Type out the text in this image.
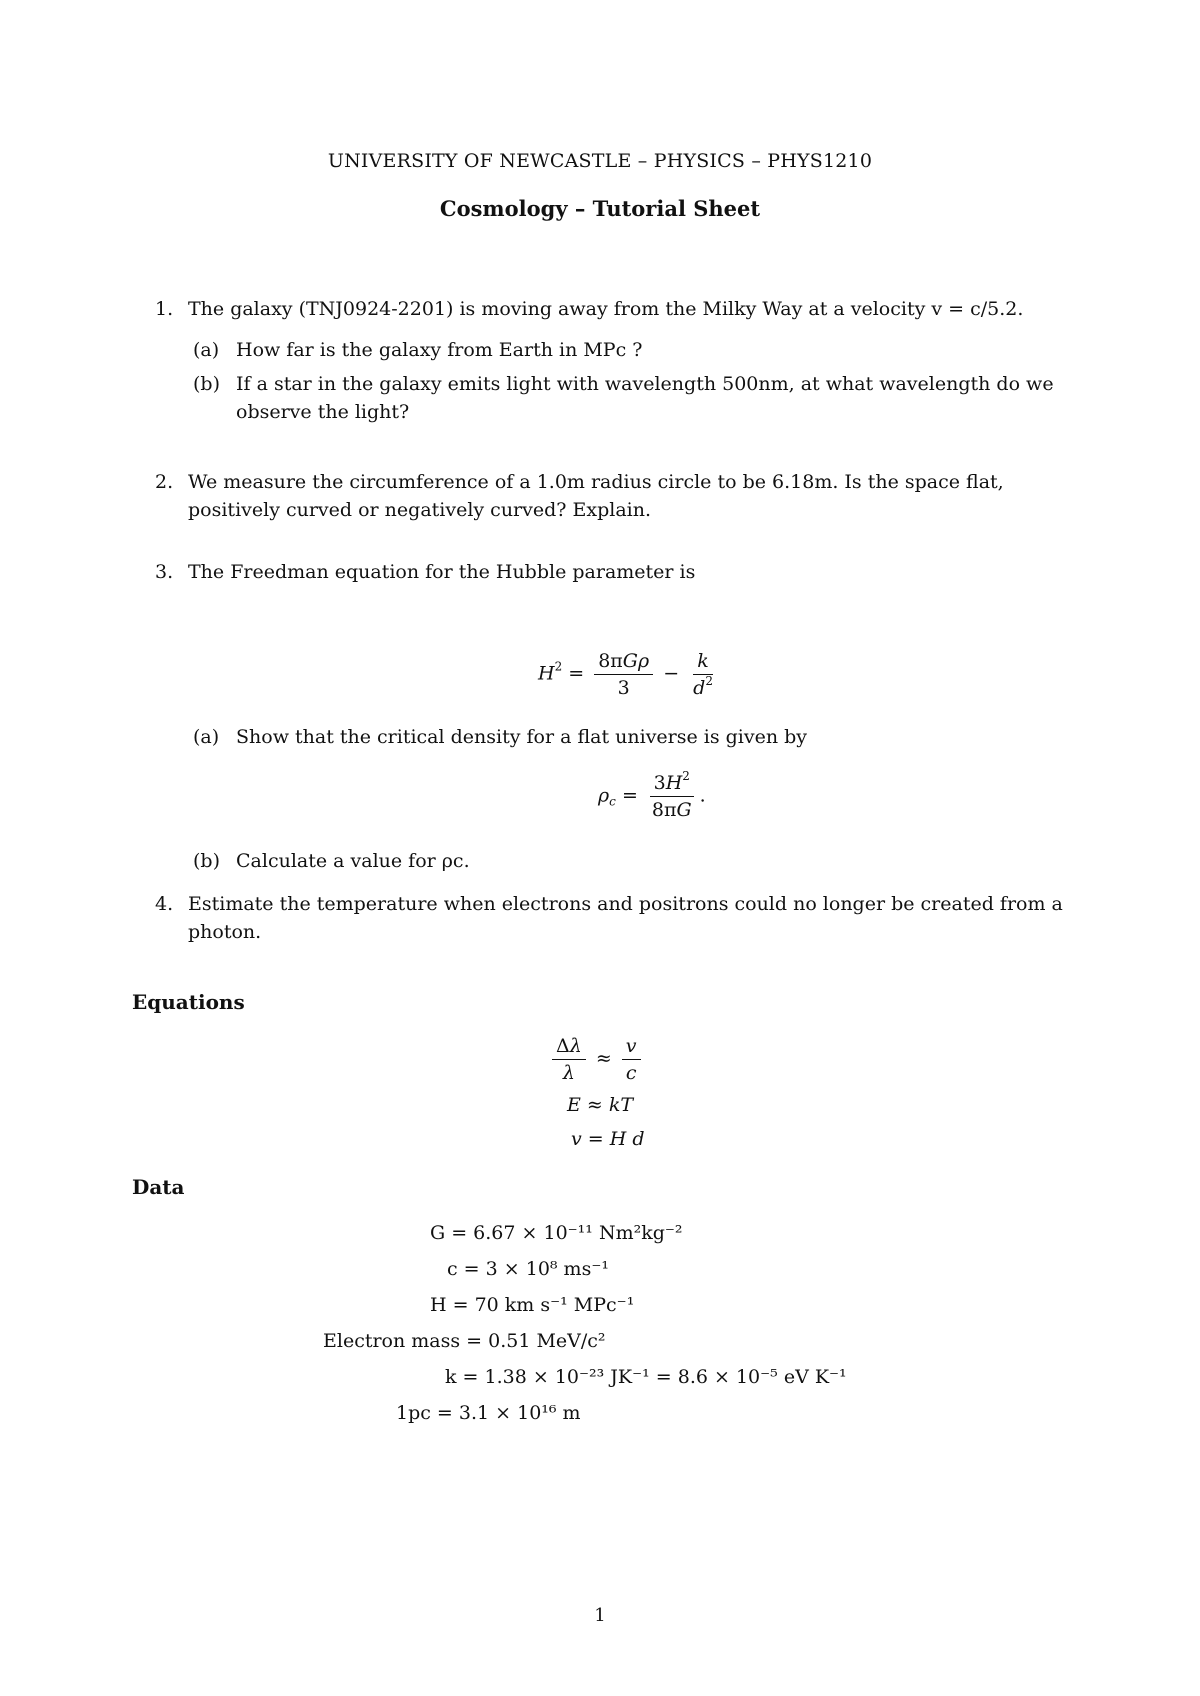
UNIVERSITY OF NEWCASTLE – PHYSICS – PHYS1210
Cosmology – Tutorial Sheet
1. The galaxy (TNJ0924-2201) is moving away from the Milky Way at a velocity v = c/5.2.
(a) How far is the galaxy from Earth in MPc ?
(b) If a star in the galaxy emits light with wavelength 500nm, at what wavelength do we observe the light?
2. We measure the circumference of a 1.0m radius circle to be 6.18m. Is the space flat, positively curved or negatively curved? Explain.
3. The Freedman equation for the Hubble parameter is
$H^2 = \frac{\text{8πGρ}}{3} - \frac{k}{d^2}$
(a) Show that the critical density for a flat universe is given by
$\rho_c = \frac{3H^2}{8\pi G}$ .
(b) Calculate a value for ρc.
4. Estimate the temperature when electrons and positrons could no longer be created from a photon.
Equations
$\frac{\Delta\lambda}{\lambda} \approx \frac{v}{c}$
E ≈ kT
v = H d
Data
G = 6.67 × 10⁻¹¹ Nm²kg⁻²
c = 3 × 10⁸ ms⁻¹
H = 70 km s⁻¹ MPc⁻¹
Electron mass = 0.51 MeV/c²
k = 1.38 × 10⁻²³ JK⁻¹ = 8.6 × 10⁻⁵ eV K⁻¹
1pc = 3.1 × 10¹⁶ m
1
